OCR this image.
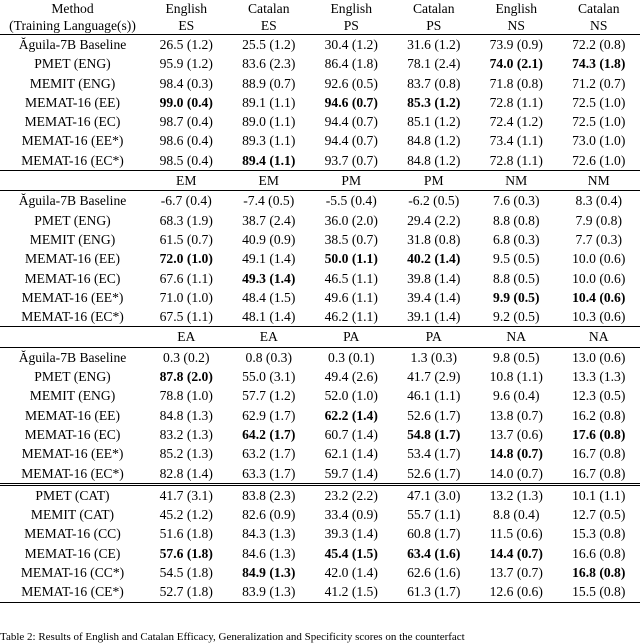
Method	English	Catalan	English	Catalan	English	Catalan
(Training Language(s))	ES	ES	PS	PS	NS	NS
Ăguila-7B Baseline	26.5 (1.2)	25.5 (1.2)	30.4 (1.2)	31.6 (1.2)	73.9 (0.9)	72.2 (0.8)
PMET (ENG)	95.9 (1.2)	83.6 (2.3)	86.4 (1.8)	78.1 (2.4)	74.0 (2.1)	74.3 (1.8)
MEMIT (ENG)	98.4 (0.3)	88.9 (0.7)	92.6 (0.5)	83.7 (0.8)	71.8 (0.8)	71.2 (0.7)
MEMAT-16 (EE)	99.0 (0.4)	89.1 (1.1)	94.6 (0.7)	85.3 (1.2)	72.8 (1.1)	72.5 (1.0)
MEMAT-16 (EC)	98.7 (0.4)	89.0 (1.1)	94.4 (0.7)	85.1 (1.2)	72.4 (1.2)	72.5 (1.0)
MEMAT-16 (EE*)	98.6 (0.4)	89.3 (1.1)	94.4 (0.7)	84.8 (1.2)	73.4 (1.1)	73.0 (1.0)
MEMAT-16 (EC*)	98.5 (0.4)	89.4 (1.1)	93.7 (0.7)	84.8 (1.2)	72.8 (1.1)	72.6 (1.0)
	EM	EM	PM	PM	NM	NM
Ăguila-7B Baseline	-6.7 (0.4)	-7.4 (0.5)	-5.5 (0.4)	-6.2 (0.5)	7.6 (0.3)	8.3 (0.4)
PMET (ENG)	68.3 (1.9)	38.7 (2.4)	36.0 (2.0)	29.4 (2.2)	8.8 (0.8)	7.9 (0.8)
MEMIT (ENG)	61.5 (0.7)	40.9 (0.9)	38.5 (0.7)	31.8 (0.8)	6.8 (0.3)	7.7 (0.3)
MEMAT-16 (EE)	72.0 (1.0)	49.1 (1.4)	50.0 (1.1)	40.2 (1.4)	9.5 (0.5)	10.0 (0.6)
MEMAT-16 (EC)	67.6 (1.1)	49.3 (1.4)	46.5 (1.1)	39.8 (1.4)	8.8 (0.5)	10.0 (0.6)
MEMAT-16 (EE*)	71.0 (1.0)	48.4 (1.5)	49.6 (1.1)	39.4 (1.4)	9.9 (0.5)	10.4 (0.6)
MEMAT-16 (EC*)	67.5 (1.1)	48.1 (1.4)	46.2 (1.1)	39.1 (1.4)	9.2 (0.5)	10.3 (0.6)
	EA	EA	PA	PA	NA	NA
Ăguila-7B Baseline	0.3 (0.2)	0.8 (0.3)	0.3 (0.1)	1.3 (0.3)	9.8 (0.5)	13.0 (0.6)
PMET (ENG)	87.8 (2.0)	55.0 (3.1)	49.4 (2.6)	41.7 (2.9)	10.8 (1.1)	13.3 (1.3)
MEMIT (ENG)	78.8 (1.0)	57.7 (1.2)	52.0 (1.0)	46.1 (1.1)	9.6 (0.4)	12.3 (0.5)
MEMAT-16 (EE)	84.8 (1.3)	62.9 (1.7)	62.2 (1.4)	52.6 (1.7)	13.8 (0.7)	16.2 (0.8)
MEMAT-16 (EC)	83.2 (1.3)	64.2 (1.7)	60.7 (1.4)	54.8 (1.7)	13.7 (0.6)	17.6 (0.8)
MEMAT-16 (EE*)	85.2 (1.3)	63.2 (1.7)	62.1 (1.4)	53.4 (1.7)	14.8 (0.7)	16.7 (0.8)
MEMAT-16 (EC*)	82.8 (1.4)	63.3 (1.7)	59.7 (1.4)	52.6 (1.7)	14.0 (0.7)	16.7 (0.8)
PMET (CAT)	41.7 (3.1)	83.8 (2.3)	23.2 (2.2)	47.1 (3.0)	13.2 (1.3)	10.1 (1.1)
MEMIT (CAT)	45.2 (1.2)	82.6 (0.9)	33.4 (0.9)	55.7 (1.1)	8.8 (0.4)	12.7 (0.5)
MEMAT-16 (CC)	51.6 (1.8)	84.3 (1.3)	39.3 (1.4)	60.8 (1.7)	11.5 (0.6)	15.3 (0.8)
MEMAT-16 (CE)	57.6 (1.8)	84.6 (1.3)	45.4 (1.5)	63.4 (1.6)	14.4 (0.7)	16.6 (0.8)
MEMAT-16 (CC*)	54.5 (1.8)	84.9 (1.3)	42.0 (1.4)	62.6 (1.6)	13.7 (0.7)	16.8 (0.8)
MEMAT-16 (CE*)	52.7 (1.8)	83.9 (1.3)	41.2 (1.5)	61.3 (1.7)	12.6 (0.6)	15.5 (0.8)
Table 2: Results of English and Catalan Efficacy, Generalization and Specificity scores on the counterfact
